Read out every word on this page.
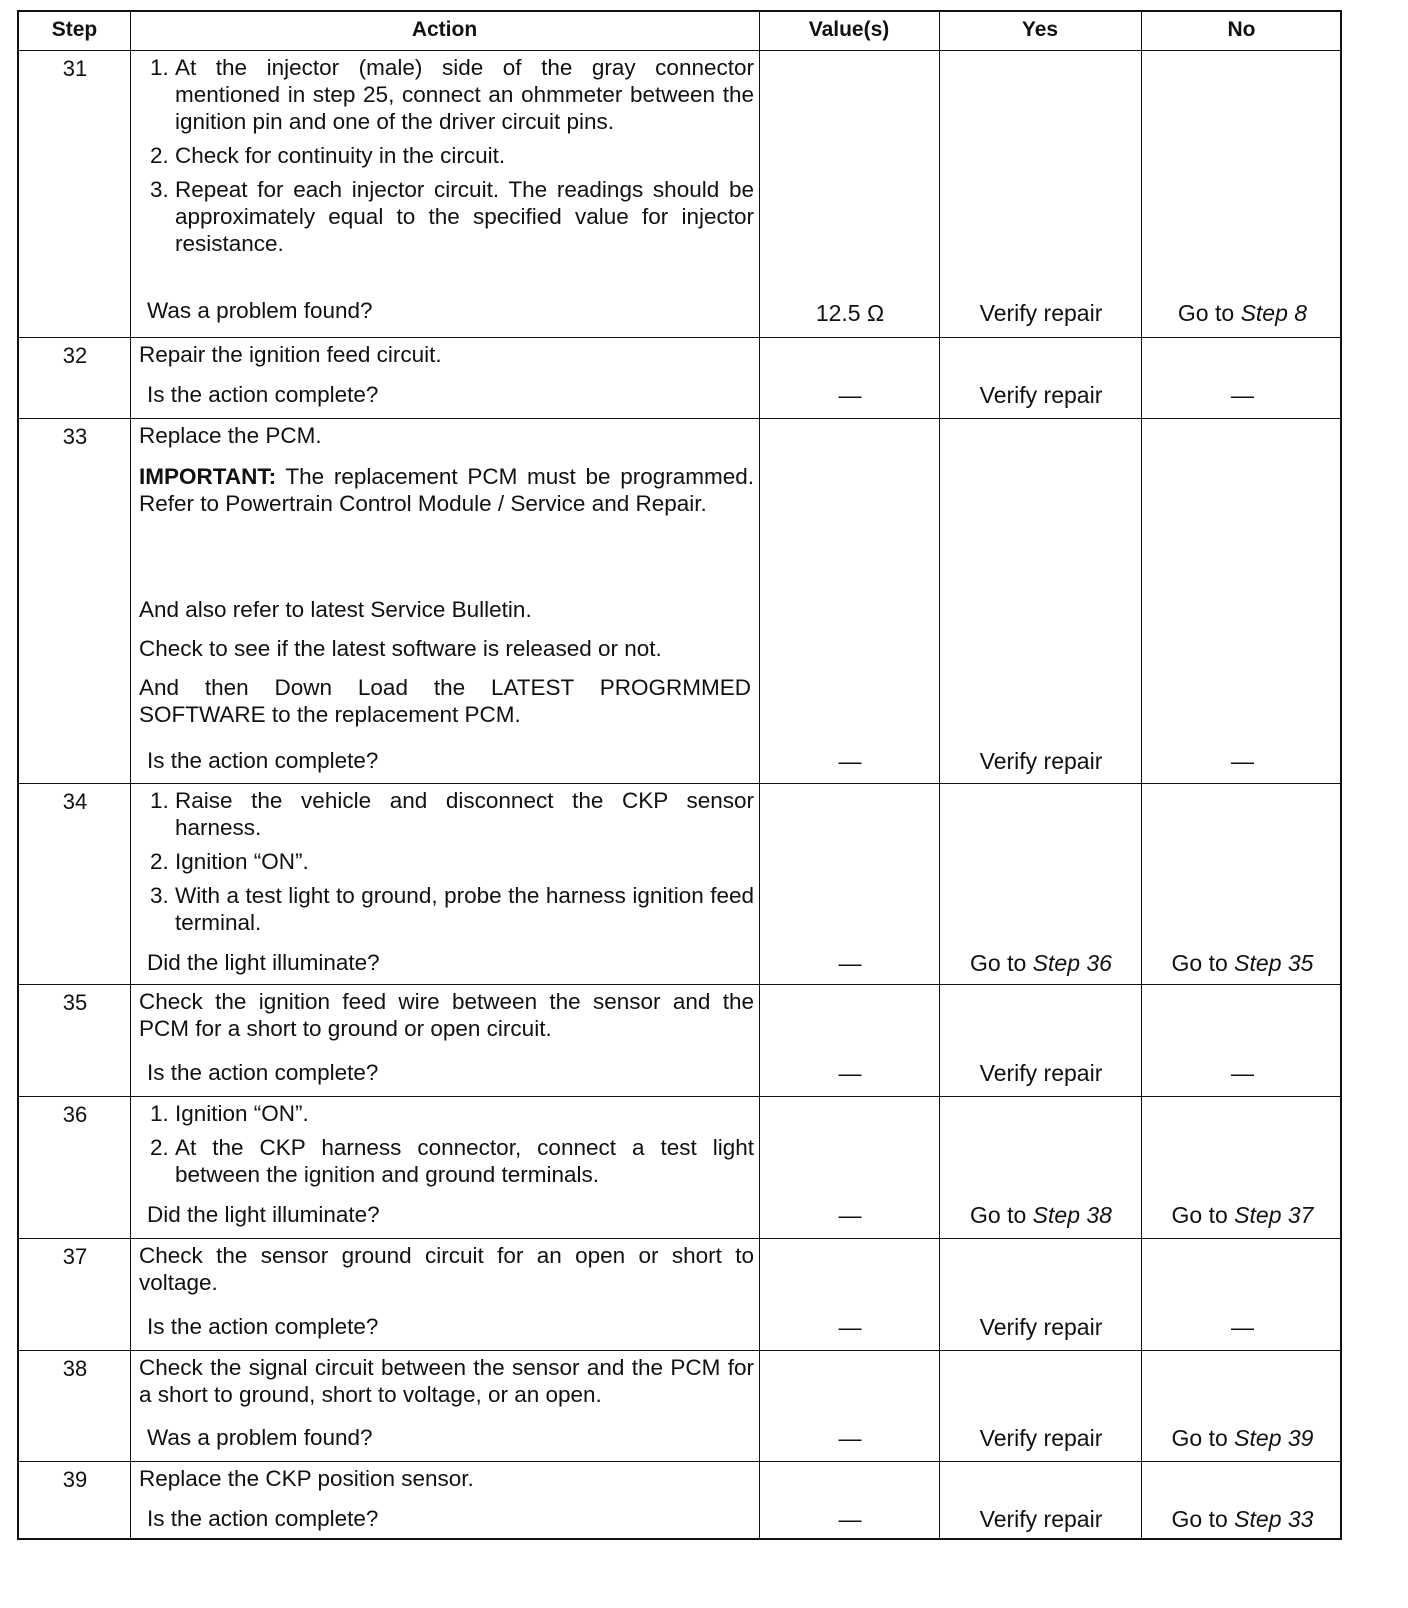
Step	Action	Value(s)	Yes	No
31	1. At the injector (male) side of the gray connector mentioned in step 25, connect an ohmmeter between the ignition pin and one of the driver circuit pins.
2. Check for continuity in the circuit.
3. Repeat for each injector circuit. The readings should be approximately equal to the specified value for injector resistance.
Was a problem found?	12.5 Ω	Verify repair	Go to Step 8
32	Repair the ignition feed circuit.

Is the action complete?	—	Verify repair	—
33	Replace the PCM.

IMPORTANT: The replacement PCM must be programmed. Refer to Powertrain Control Module / Service and Repair.

And also refer to latest Service Bulletin.

Check to see if the latest software is released or not.

And then Down Load the LATEST PROGRMMED SOFTWARE to the replacement PCM.

Is the action complete?	—	Verify repair	—
34	1. Raise the vehicle and disconnect the CKP sensor harness.
2. Ignition “ON”.
3. With a test light to ground, probe the harness ignition feed terminal.
Did the light illuminate?	—	Go to Step 36	Go to Step 35
35	Check the ignition feed wire between the sensor and the PCM for a short to ground or open circuit.

Is the action complete?	—	Verify repair	—
36	1. Ignition “ON”.
2. At the CKP harness connector, connect a test light between the ignition and ground terminals.
Did the light illuminate?	—	Go to Step 38	Go to Step 37
37	Check the sensor ground circuit for an open or short to voltage.

Is the action complete?	—	Verify repair	—
38	Check the signal circuit between the sensor and the PCM for a short to ground, short to voltage, or an open.

Was a problem found?	—	Verify repair	Go to Step 39
39	Replace the CKP position sensor.

Is the action complete?	—	Verify repair	Go to Step 33
